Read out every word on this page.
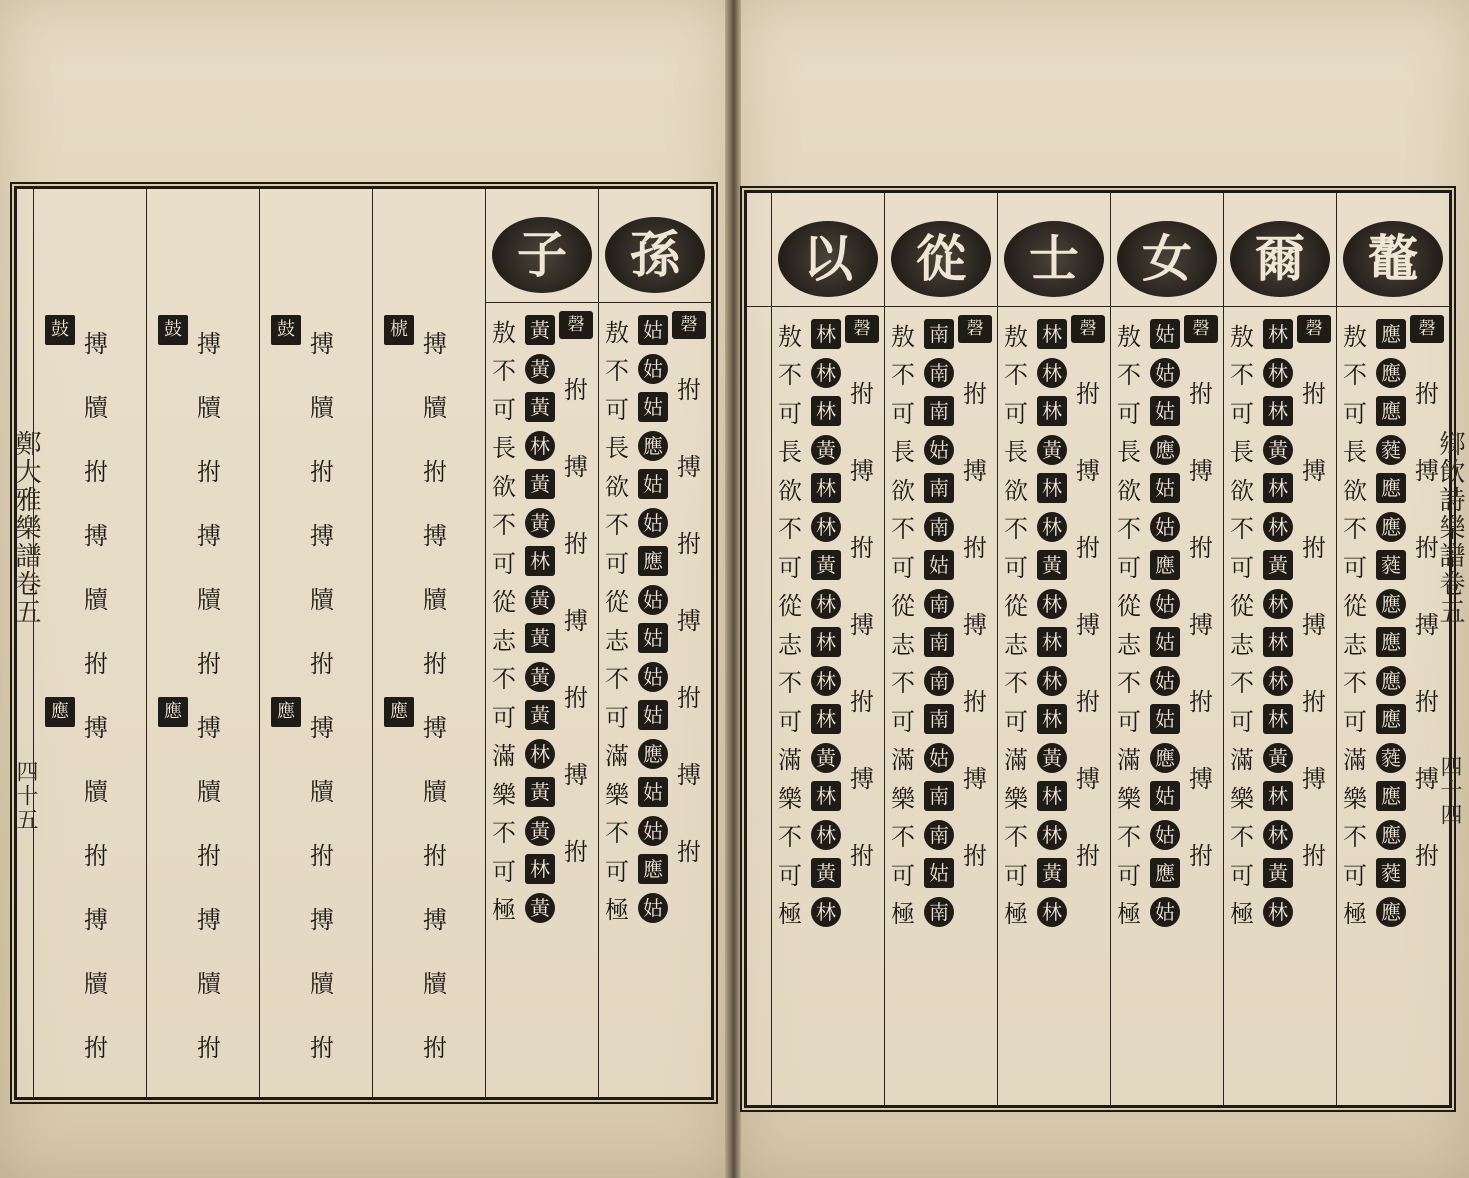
孫
敖
不
可
長
欲
不
可
從
志
不
可
滿
樂
不
可
極
姑
姑
姑
應
姑
姑
應
姑
姑
姑
姑
應
姑
姑
應
姑
磬
拊
搏
拊
搏
拊
搏
拊
子
敖
不
可
長
欲
不
可
從
志
不
可
滿
樂
不
可
極
黃
黃
黃
林
黃
黃
林
黃
黃
黃
黃
林
黃
黃
林
黃
磬
拊
搏
拊
搏
拊
搏
拊
椃
應
搏
牘
拊
搏
牘
拊
搏
牘
拊
搏
牘
拊
鼓
應
搏
牘
拊
搏
牘
拊
搏
牘
拊
搏
牘
拊
鼓
應
搏
牘
拊
搏
牘
拊
搏
牘
拊
搏
牘
拊
鼓
應
搏
牘
拊
搏
牘
拊
搏
牘
拊
搏
牘
拊
鼇
敖
不
可
長
欲
不
可
從
志
不
可
滿
樂
不
可
極
應
應
應
蕤
應
應
蕤
應
應
應
應
蕤
應
應
蕤
應
磬
拊
搏
拊
搏
拊
搏
拊
爾
敖
不
可
長
欲
不
可
從
志
不
可
滿
樂
不
可
極
林
林
林
黃
林
林
黃
林
林
林
林
黃
林
林
黃
林
磬
拊
搏
拊
搏
拊
搏
拊
女
敖
不
可
長
欲
不
可
從
志
不
可
滿
樂
不
可
極
姑
姑
姑
應
姑
姑
應
姑
姑
姑
姑
應
姑
姑
應
姑
磬
拊
搏
拊
搏
拊
搏
拊
士
敖
不
可
長
欲
不
可
從
志
不
可
滿
樂
不
可
極
林
林
林
黃
林
林
黃
林
林
林
林
黃
林
林
黃
林
磬
拊
搏
拊
搏
拊
搏
拊
從
敖
不
可
長
欲
不
可
從
志
不
可
滿
樂
不
可
極
南
南
南
姑
南
南
姑
南
南
南
南
姑
南
南
姑
南
磬
拊
搏
拊
搏
拊
搏
拊
以
敖
不
可
長
欲
不
可
從
志
不
可
滿
樂
不
可
極
林
林
林
黃
林
林
黃
林
林
林
林
黃
林
林
黃
林
磬
拊
搏
拊
搏
拊
搏
拊
鄭大雅樂譜卷五
四十五
鄉飲詩樂譜卷五
四十四
